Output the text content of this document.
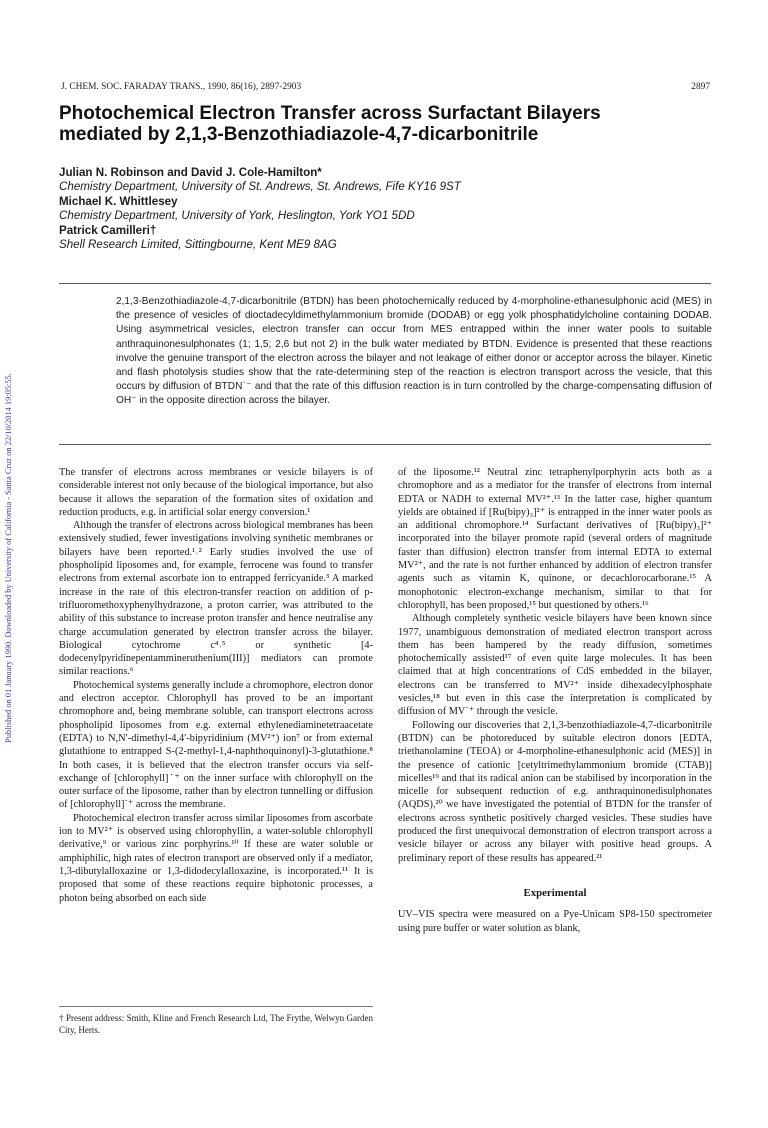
Published on 01 January 1990. Downloaded by University of California - Santa Cruz on 22/10/2014 19:05:55.
J. CHEM. SOC. FARADAY TRANS., 1990, 86(16), 2897-2903	2897
Photochemical Electron Transfer across Surfactant Bilayers mediated by 2,1,3-Benzothiadiazole-4,7-dicarbonitrile
Julian N. Robinson and David J. Cole-Hamilton*
Chemistry Department, University of St. Andrews, St. Andrews, Fife KY16 9ST
Michael K. Whittlesey
Chemistry Department, University of York, Heslington, York YO1 5DD
Patrick Camilleri†
Shell Research Limited, Sittingbourne, Kent ME9 8AG
2,1,3-Benzothiadiazole-4,7-dicarbonitrile (BTDN) has been photochemically reduced by 4-morpholine-ethanesulphonic acid (MES) in the presence of vesicles of dioctadecyldimethylammonium bromide (DODAB) or egg yolk phosphatidylcholine containing DODAB. Using asymmetrical vesicles, electron transfer can occur from MES entrapped within the inner water pools to suitable anthraquinonesulphonates (1; 1,5; 2,6 but not 2) in the bulk water mediated by BTDN. Evidence is presented that these reactions involve the genuine transport of the electron across the bilayer and not leakage of either donor or acceptor across the bilayer. Kinetic and flash photolysis studies show that the rate-determining step of the reaction is electron transport across the vesicle, that this occurs by diffusion of BTDN˙⁻ and that the rate of this diffusion reaction is in turn controlled by the charge-compensating diffusion of OH⁻ in the opposite direction across the bilayer.

The transfer of electrons across membranes or vesicle bilayers is of considerable interest not only because of the biological importance, but also because it allows the separation of the formation sites of oxidation and reduction products, e.g. in artificial solar energy conversion.¹

Although the transfer of electrons across biological membranes has been extensively studied, fewer investigations involving synthetic membranes or bilayers have been reported.¹˒² Early studies involved the use of phospholipid liposomes and, for example, ferrocene was found to transfer electrons from external ascorbate ion to entrapped ferricyanide.³ A marked increase in the rate of this electron-transfer reaction on addition of p-trifluoromethoxyphenylhydrazone, a proton carrier, was attributed to the ability of this substance to increase proton transfer and hence neutralise any charge accumulation generated by electron transfer across the bilayer. Biological cytochrome c⁴˒⁵ or synthetic [4-dodecenylpyridinepentammineruthenium(III)] mediators can promote similar reactions.⁶

Photochemical systems generally include a chromophore, electron donor and electron acceptor. Chlorophyll has proved to be an important chromophore and, being membrane soluble, can transport electrons across phospholipid liposomes from e.g. external ethylenediaminetetraacetate (EDTA) to N,N′-dimethyl-4,4′-bipyridinium (MV²⁺) ion⁷ or from external glutathione to entrapped S-(2-methyl-1,4-naphthoquinonyl)-3-glutathione.⁸ In both cases, it is believed that the electron transfer occurs via self-exchange of [chlorophyll]˙⁺ on the inner surface with chlorophyll on the outer surface of the liposome, rather than by electron tunnelling or diffusion of [chlorophyll]˙⁺ across the membrane.

Photochemical electron transfer across similar liposomes from ascorbate ion to MV²⁺ is observed using chlorophyllin, a water-soluble chlorophyll derivative,⁹ or various zinc porphyrins.¹⁰ If these are water soluble or amphiphilic, high rates of electron transport are observed only if a mediator, 1,3-dibutylalloxazine or 1,3-didodecylalloxazine, is incorporated.¹¹ It is proposed that some of these reactions require biphotonic processes, a photon being absorbed on each side

of the liposome.¹² Neutral zinc tetraphenylporphyrin acts both as a chromophore and as a mediator for the transfer of electrons from internal EDTA or NADH to external MV²⁺.¹³ In the latter case, higher quantum yields are obtained if [Ru(bipy)₃]²⁺ is entrapped in the inner water pools as an additional chromophore.¹⁴ Surfactant derivatives of [Ru(bipy)₃]²⁺ incorporated into the bilayer promote rapid (several orders of magnitude faster than diffusion) electron transfer from internal EDTA to external MV²⁺, and the rate is not further enhanced by addition of electron transfer agents such as vitamin K, quinone, or decachlorocarborane.¹⁵ A monophotonic electron-exchange mechanism, similar to that for chlorophyll, has been proposed,¹⁵ but questioned by others.¹⁶

Although completely synthetic vesicle bilayers have been known since 1977, unambiguous demonstration of mediated electron transport across them has been hampered by the ready diffusion, sometimes photochemically assisted¹⁷ of even quite large molecules. It has been claimed that at high concentrations of CdS embedded in the bilayer, electrons can be transferred to MV²⁺ inside dihexadecylphosphate vesicles,¹⁸ but even in this case the interpretation is complicated by diffusion of MV˙⁺ through the vesicle.

Following our discoveries that 2,1,3-benzothiadiazole-4,7-dicarbonitrile (BTDN) can be photoreduced by suitable electron donors [EDTA, triethanolamine (TEOA) or 4-morpholine-ethanesulphonic acid (MES)] in the presence of cationic [cetyltrimethylammonium bromide (CTAB)] micelles¹⁹ and that its radical anion can be stabilised by incorporation in the micelle for subsequent reduction of e.g. anthraquinonedisulphonates (AQDS),²⁰ we have investigated the potential of BTDN for the transfer of electrons across synthetic positively charged vesicles. These studies have produced the first unequivocal demonstration of electron transport across a vesicle bilayer or across any bilayer with positive head groups. A preliminary report of these results has appeared.²¹

Experimental

UV–VIS spectra were measured on a Pye-Unicam SP8-150 spectrometer using pure buffer or water solution as blank,

† Present address: Smith, Kline and French Research Ltd, The Frythe, Welwyn Garden City, Herts.
